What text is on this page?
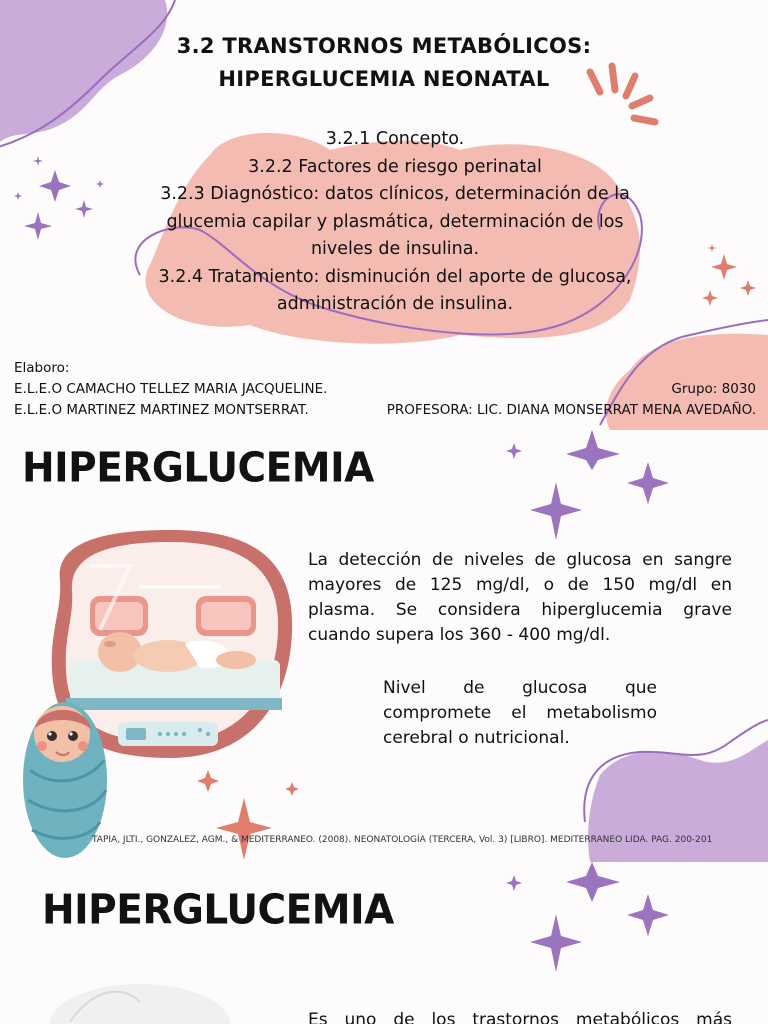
3.2 TRANSTORNOS METABÓLICOS:
HIPERGLUCEMIA NEONATAL
3.2.1 Concepto.
3.2.2 Factores de riesgo perinatal
3.2.3 Diagnóstico: datos clínicos, determinación de la
glucemia capilar y plasmática, determinación de los
niveles de insulina.
3.2.4 Tratamiento: disminución del aporte de glucosa,
administración de insulina.
Elaboro:
E.L.E.O CAMACHO TELLEZ MARIA JACQUELINE.
E.L.E.O MARTINEZ MARTINEZ MONTSERRAT.
Grupo: 8030
PROFESORA: LIC. DIANA MONSERRAT MENA AVEDAÑO.
HIPERGLUCEMIA
La detección de niveles de glucosa en sangre
mayores de 125 mg/dl, o de 150 mg/dl en
plasma. Se considera hiperglucemia grave
cuando supera los 360 - 400 mg/dl.
Nivel de glucosa que
compromete el metabolismo
cerebral o nutricional.
TAPIA, JLTI., GONZALEZ, AGM., & MEDITERRANEO. (2008). NEONATOLOGÍA (TERCERA, Vol. 3) [LIBRO]. MEDITERRANEO LIDA. PAG. 200-201
HIPERGLUCEMIA
Es uno de los trastornos metabólicos más
